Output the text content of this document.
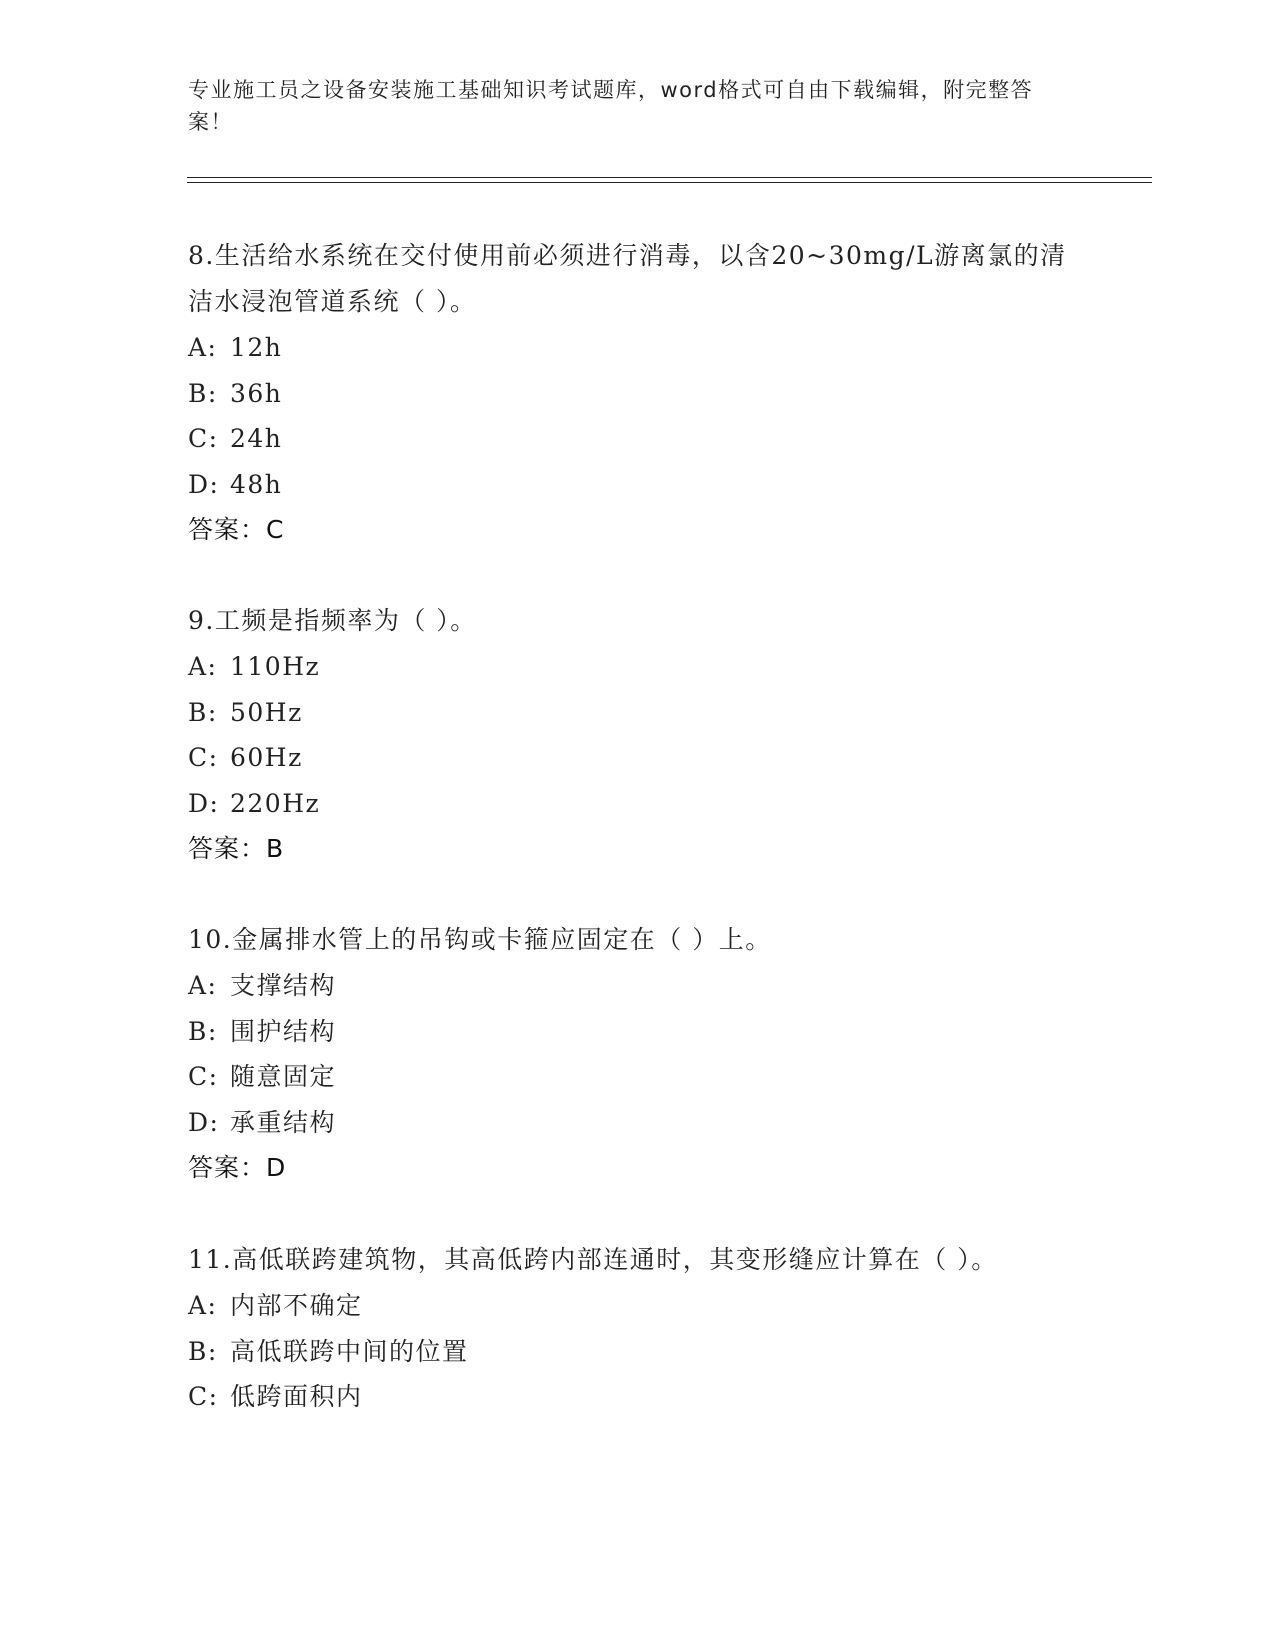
专业施工员之设备安装施工基础知识考试题库，word格式可自由下载编辑，附完整答案！
8.生活给水系统在交付使用前必须进行消毒，以含20~30mg/L游离氯的清洁水浸泡管道系统（ ）。
A: 12h
B: 36h
C: 24h
D: 48h
答案：C
9.工频是指频率为（ ）。
A: 110Hz
B: 50Hz
C: 60Hz
D: 220Hz
答案：B
10.金属排水管上的吊钩或卡箍应固定在（ ）上。
A: 支撑结构
B: 围护结构
C: 随意固定
D: 承重结构
答案：D
11.高低联跨建筑物，其高低跨内部连通时，其变形缝应计算在（ ）。
A: 内部不确定
B: 高低联跨中间的位置
C: 低跨面积内
